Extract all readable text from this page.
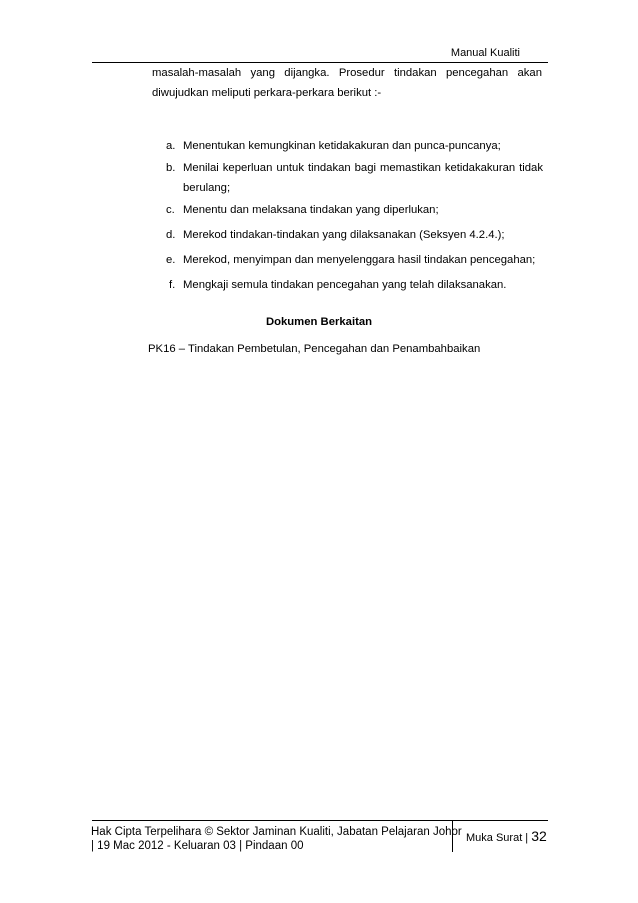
Manual Kualiti
masalah-masalah yang dijangka. Prosedur tindakan pencegahan akan
diwujudkan meliputi perkara-perkara berikut :-
a. Menentukan kemungkinan ketidakakuran dan punca-puncanya;
b. Menilai keperluan untuk tindakan bagi memastikan ketidakakuran tidak
berulang;
c. Menentu dan melaksana tindakan yang diperlukan;
d. Merekod tindakan-tindakan yang dilaksanakan (Seksyen 4.2.4.);
e. Merekod, menyimpan dan menyelenggara hasil tindakan pencegahan;
f. Mengkaji semula tindakan pencegahan yang telah dilaksanakan.
Dokumen Berkaitan
PK16 – Tindakan Pembetulan, Pencegahan dan Penambahbaikan
Hak Cipta Terpelihara © Sektor Jaminan Kualiti, Jabatan Pelajaran Johor
| 19 Mac 2012 - Keluaran 03 | Pindaan 00
Muka Surat | 32
